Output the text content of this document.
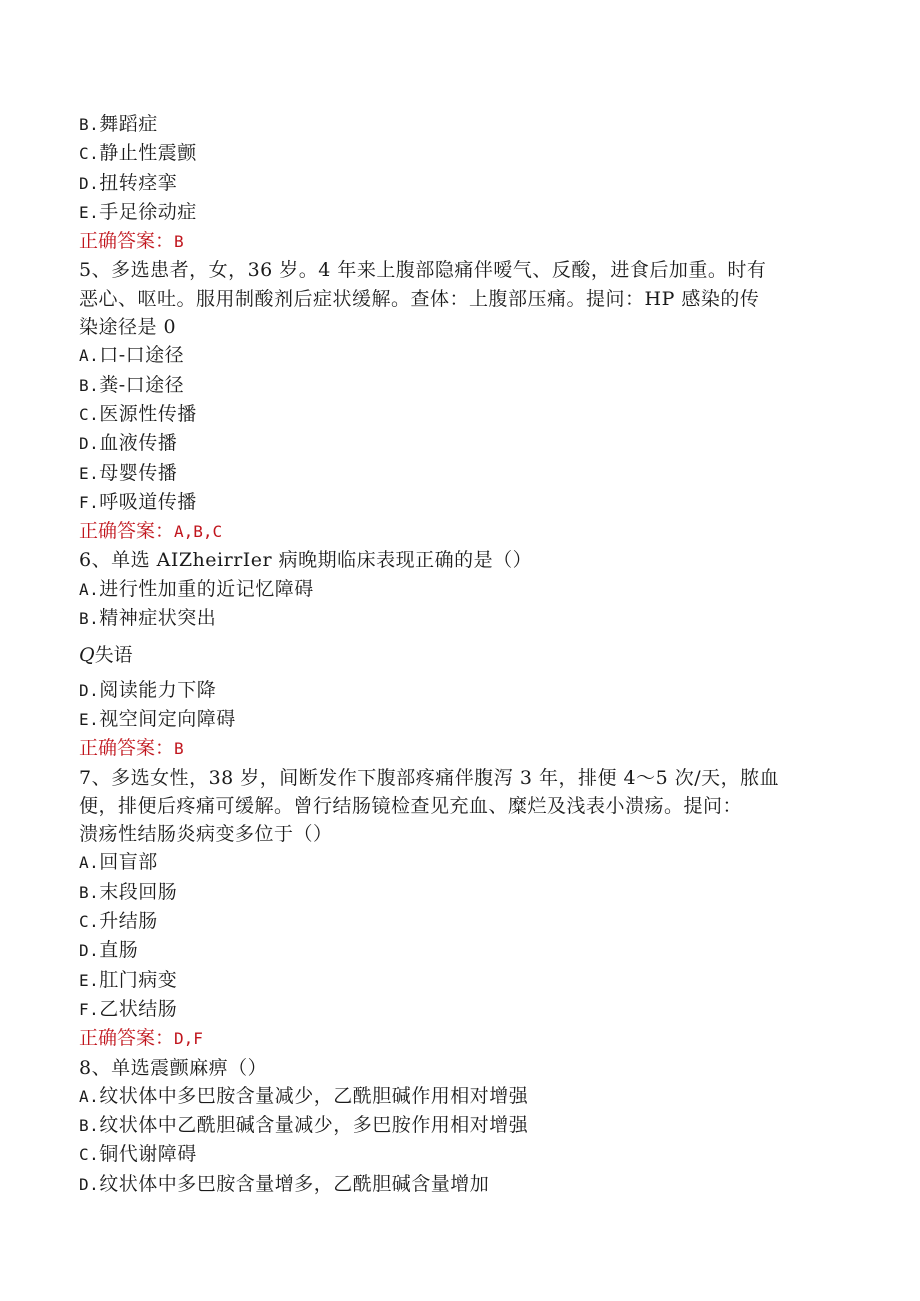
B.舞蹈症
C.静止性震颤
D.扭转痉挛
E.手足徐动症
正确答案：B
5、多选患者，女，36 岁。4 年来上腹部隐痛伴嗳气、反酸，进食后加重。时有
恶心、呕吐。服用制酸剂后症状缓解。查体：上腹部压痛。提问：HP 感染的传
染途径是 0
A.口-口途径
B.粪-口途径
C.医源性传播
D.血液传播
E.母婴传播
F.呼吸道传播
正确答案：A,B,C
6、单选 AIZheirrIer 病晚期临床表现正确的是（）
A.进行性加重的近记忆障碍
B.精神症状突出
Q失语
D.阅读能力下降
E.视空间定向障碍
正确答案：B
7、多选女性，38 岁，间断发作下腹部疼痛伴腹泻 3 年，排便 4～5 次/天，脓血
便，排便后疼痛可缓解。曾行结肠镜检查见充血、糜烂及浅表小溃疡。提问：
溃疡性结肠炎病变多位于（）
A.回盲部
B.末段回肠
C.升结肠
D.直肠
E.肛门病变
F.乙状结肠
正确答案：D,F
8、单选震颤麻痹（）
A.纹状体中多巴胺含量减少，乙酰胆碱作用相对增强
B.纹状体中乙酰胆碱含量减少，多巴胺作用相对增强
C.铜代谢障碍
D.纹状体中多巴胺含量增多，乙酰胆碱含量增加
